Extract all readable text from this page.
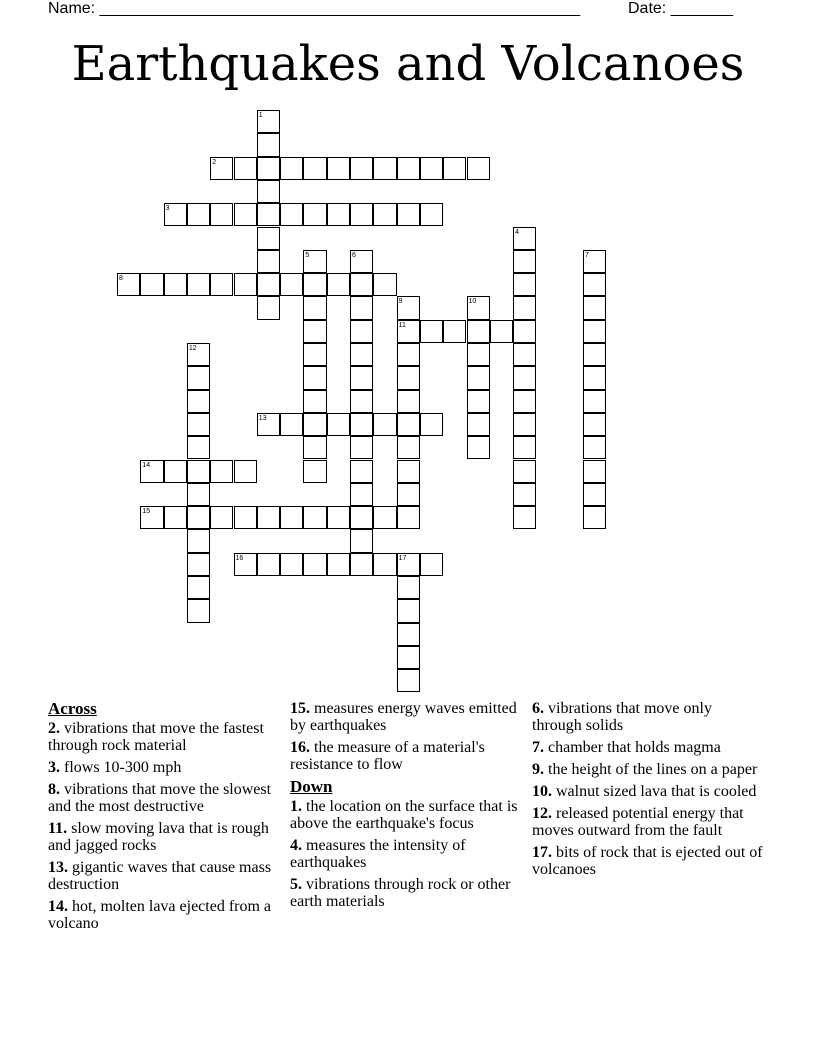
Name: ______________________________________________________	Date: _______
Earthquakes and Volcanoes
1
2
3
4
5	6	7
8
9
11
10
12
13
14
15
16	17
Across
2. vibrations that move the fastest through rock material
3. flows 10-300 mph
8. vibrations that move the slowest and the most destructive
11. slow moving lava that is rough and jagged rocks
13. gigantic waves that cause mass destruction
14. hot, molten lava ejected from a volcano
15. measures energy waves emitted by earthquakes
16. the measure of a material's resistance to flow
Down
1. the location on the surface that is above the earthquake's focus
4. measures the intensity of earthquakes
5. vibrations through rock or other earth materials
6. vibrations that move only through solids
7. chamber that holds magma
9. the height of the lines on a paper
10. walnut sized lava that is cooled
12. released potential energy that moves outward from the fault
17. bits of rock that is ejected out of volcanoes
